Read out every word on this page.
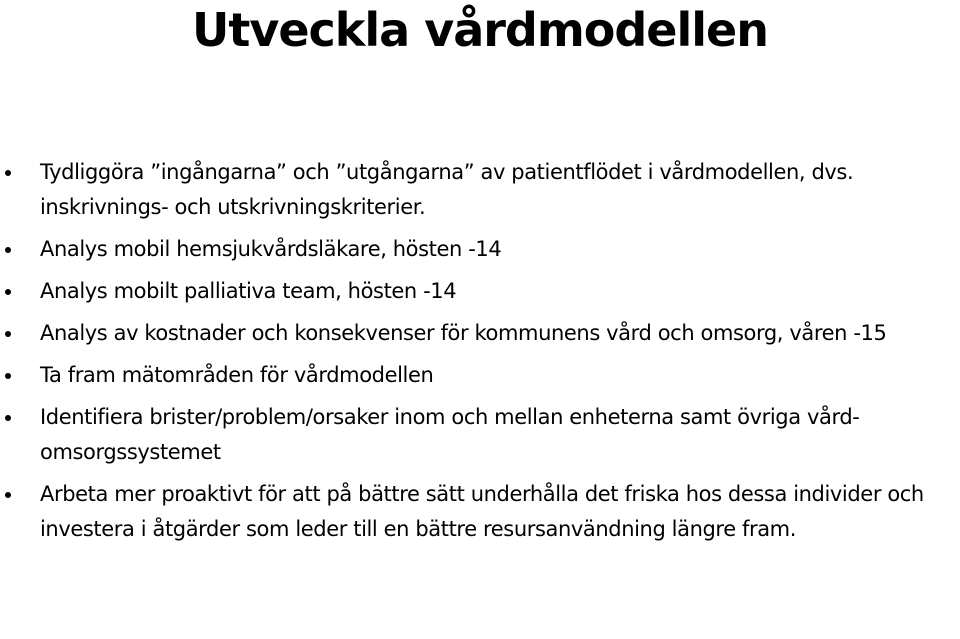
Utveckla vårdmodellen
Tydliggöra ”ingångarna” och ”utgångarna” av patientflödet i vårdmodellen, dvs. inskrivnings- och utskrivningskriterier.
Analys mobil hemsjukvårdsläkare, hösten -14
Analys mobilt palliativa team, hösten -14
Analys av kostnader och konsekvenser för kommunens vård och omsorg, våren -15
Ta fram mätområden för vårdmodellen
Identifiera brister/problem/orsaker inom och mellan enheterna samt övriga vård- omsorgssystemet
Arbeta mer proaktivt för att på bättre sätt underhålla det friska hos dessa individer och investera i åtgärder som leder till en bättre resursanvändning längre fram.
